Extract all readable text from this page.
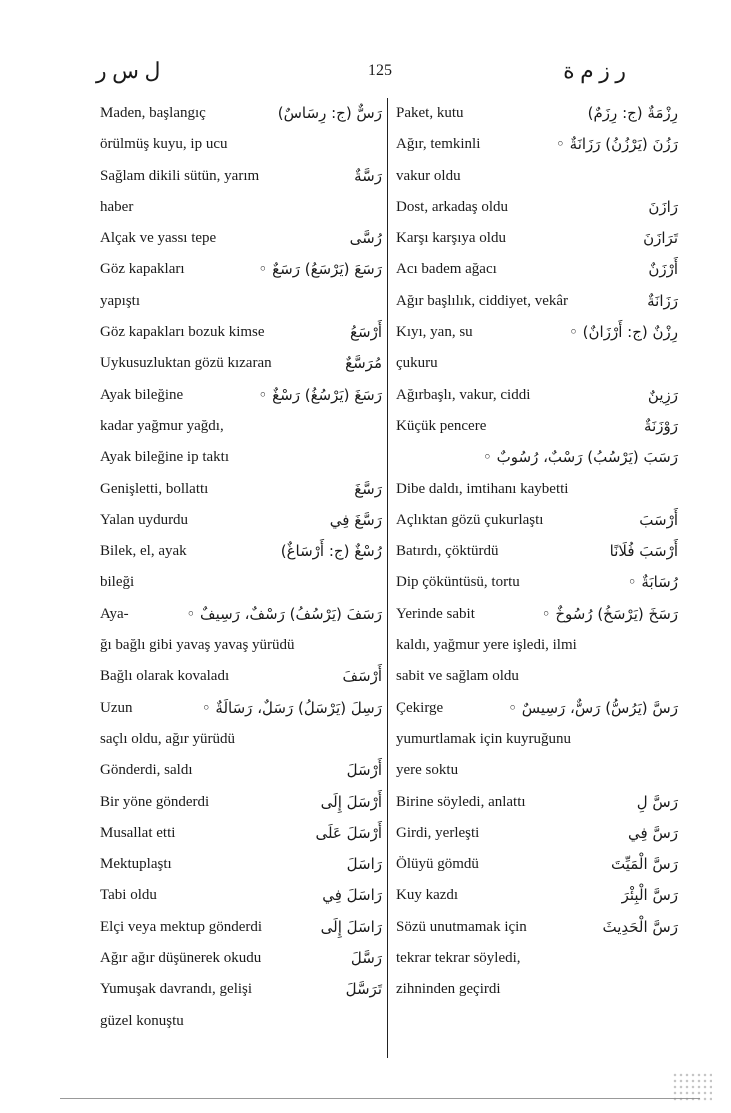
ل س ر	125	ر ز م ة
Maden, başlangıç	رَسٌّ (ج: رِسَاسٌ)
örülmüş kuyu, ip ucu
Sağlam dikili sütün, yarım	رَسَّةٌ
haber
Alçak ve yassı tepe	رُسَّى
Göz kapakları	رَسَعَ (يَرْسَعُ) رَسَعٌ ◦
yapıştı
Göz kapakları bozuk kimse	أَرْسَعُ
Uykusuzluktan gözü kızaran	مُرَسَّعٌ
Ayak bileğine	رَسَغَ (يَرْسُغُ) رَسْغٌ ◦
kadar yağmur yağdı,
Ayak bileğine ip taktı
Genişletti, bollattı	رَسَّغَ
Yalan uydurdu	رَسَّغَ فِي
Bilek, el, ayak	رُسْغٌ (ج: أَرْسَاغٌ)
bileği
Aya-	رَسَفَ (يَرْسُفُ) رَسْفٌ، رَسِيفٌ ◦
ğı bağlı gibi yavaş yavaş yürüdü
Bağlı olarak kovaladı	أَرْسَفَ
Uzun	رَسِلَ (يَرْسَلُ) رَسَلٌ، رَسَالَةٌ ◦
saçlı oldu, ağır yürüdü
Gönderdi, saldı	أَرْسَلَ
Bir yöne gönderdi	أَرْسَلَ إِلَى
Musallat etti	أَرْسَلَ عَلَى
Mektuplaştı	رَاسَلَ
Tabi oldu	رَاسَلَ فِي
Elçi veya mektup gönderdi	رَاسَلَ إِلَى
Ağır ağır düşünerek okudu	رَسَّلَ
Yumuşak davrandı, gelişi	تَرَسَّلَ
güzel konuştu
Paket, kutu	رِزْمَةٌ (ج: رِزَمٌ)
Ağır, temkinli	رَزُنَ (يَرْزُنُ) رَزَانَةٌ ◦
vakur oldu
Dost, arkadaş oldu	رَازَنَ
Karşı karşıya oldu	تَرَازَنَ
Acı badem ağacı	أَرْزَنٌ
Ağır başlılık, ciddiyet, vekâr	رَزَانَةٌ
Kıyı, yan, su	رِزْنٌ (ج: أَرْزَانٌ) ◦
çukuru
Ağırbaşlı, vakur, ciddi	رَزِينٌ
Küçük pencere	رَوْزَنَةٌ
رَسَبَ (يَرْسُبُ) رَسْبٌ، رُسُوبٌ ◦
Dibe daldı, imtihanı kaybetti
Açlıktan gözü çukurlaştı	أَرْسَبَ
Batırdı, çöktürdü	أَرْسَبَ فُلَانًا
Dip çöküntüsü, tortu	رُسَابَةٌ ◦
Yerinde sabit	رَسَخَ (يَرْسَخُ) رُسُوخٌ ◦
kaldı, yağmur yere işledi, ilmi
sabit ve sağlam oldu
Çekirge	رَسَّ (يَرُسُّ) رَسٌّ، رَسِيسٌ ◦
yumurtlamak için kuyruğunu
yere soktu
Birine söyledi, anlattı	رَسَّ لِ
Girdi, yerleşti	رَسَّ فِي
Ölüyü gömdü	رَسَّ الْمَيِّتَ
Kuy kazdı	رَسَّ الْبِئْرَ
Sözü unutmamak için	رَسَّ الْحَدِيثَ
tekrar tekrar söyledi,
zihninden geçirdi
